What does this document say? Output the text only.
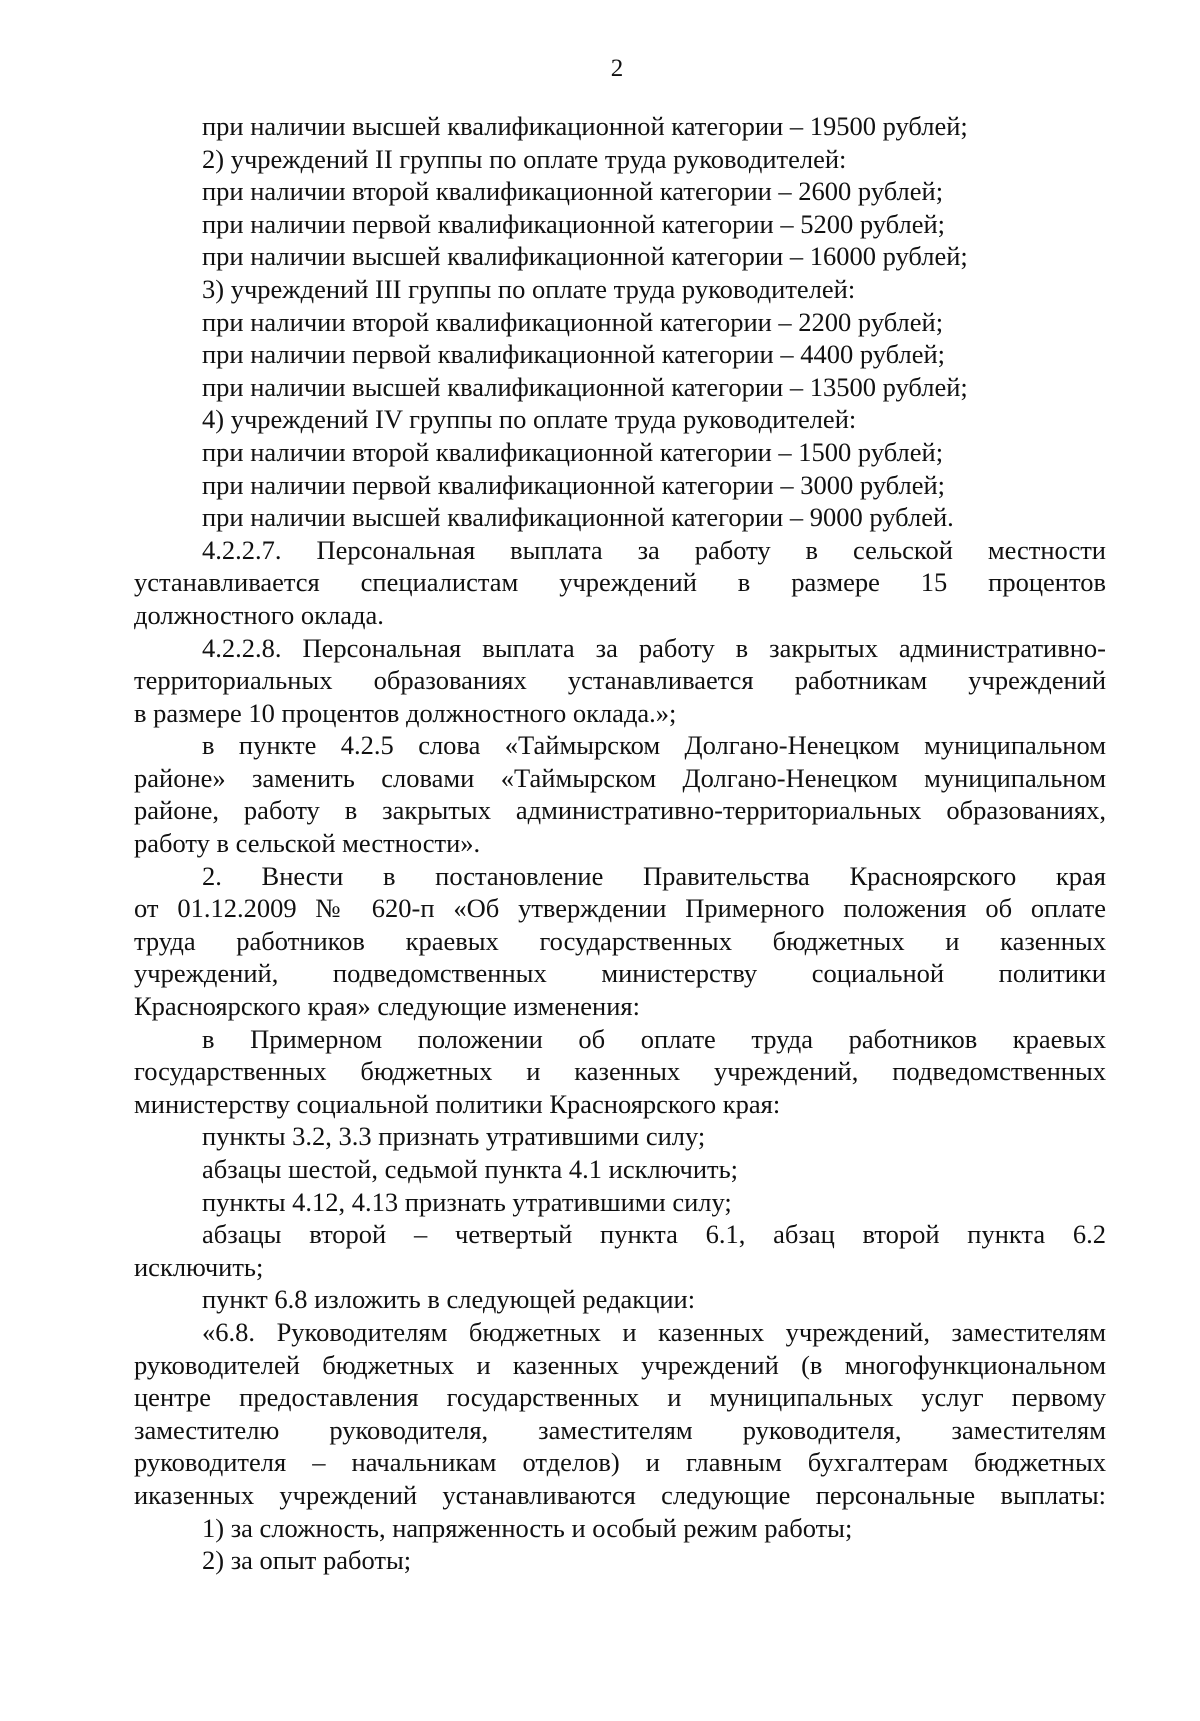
2
при наличии высшей квалификационной категории – 19500 рублей;
2) учреждений II группы по оплате труда руководителей:
при наличии второй квалификационной категории – 2600 рублей;
при наличии первой квалификационной категории – 5200 рублей;
при наличии высшей квалификационной категории – 16000 рублей;
3) учреждений III группы по оплате труда руководителей:
при наличии второй квалификационной категории – 2200 рублей;
при наличии первой квалификационной категории – 4400 рублей;
при наличии высшей квалификационной категории – 13500 рублей;
4) учреждений IV группы по оплате труда руководителей:
при наличии второй квалификационной категории – 1500 рублей;
при наличии первой квалификационной категории – 3000 рублей;
при наличии высшей квалификационной категории – 9000 рублей.
4.2.2.7. Персональная выплата за работу в сельской местности
устанавливается специалистам учреждений в размере 15 процентов
должностного оклада.
4.2.2.8. Персональная выплата за работу в закрытых административно-
территориальных образованиях устанавливается работникам учреждений
в размере 10 процентов должностного оклада.»;
в пункте 4.2.5 слова «Таймырском Долгано-Ненецком муниципальном
районе» заменить словами «Таймырском Долгано-Ненецком муниципальном
районе, работу в закрытых административно-территориальных образованиях,
работу в сельской местности».
2. Внести в постановление Правительства Красноярского края
от 01.12.2009 № 620-п «Об утверждении Примерного положения об оплате
труда работников краевых государственных бюджетных и казенных
учреждений, подведомственных министерству социальной политики
Красноярского края» следующие изменения:
в Примерном положении об оплате труда работников краевых
государственных бюджетных и казенных учреждений, подведомственных
министерству социальной политики Красноярского края:
пункты 3.2, 3.3 признать утратившими силу;
абзацы шестой, седьмой пункта 4.1 исключить;
пункты 4.12, 4.13 признать утратившими силу;
абзацы второй – четвертый пункта 6.1, абзац второй пункта 6.2
исключить;
пункт 6.8 изложить в следующей редакции:
«6.8. Руководителям бюджетных и казенных учреждений, заместителям
руководителей бюджетных и казенных учреждений (в многофункциональном
центре предоставления государственных и муниципальных услуг первому
заместителю руководителя, заместителям руководителя, заместителям
руководителя – начальникам отделов) и главным бухгалтерам бюджетных
иказенных учреждений устанавливаются следующие персональные выплаты:
1) за сложность, напряженность и особый режим работы;
2) за опыт работы;
